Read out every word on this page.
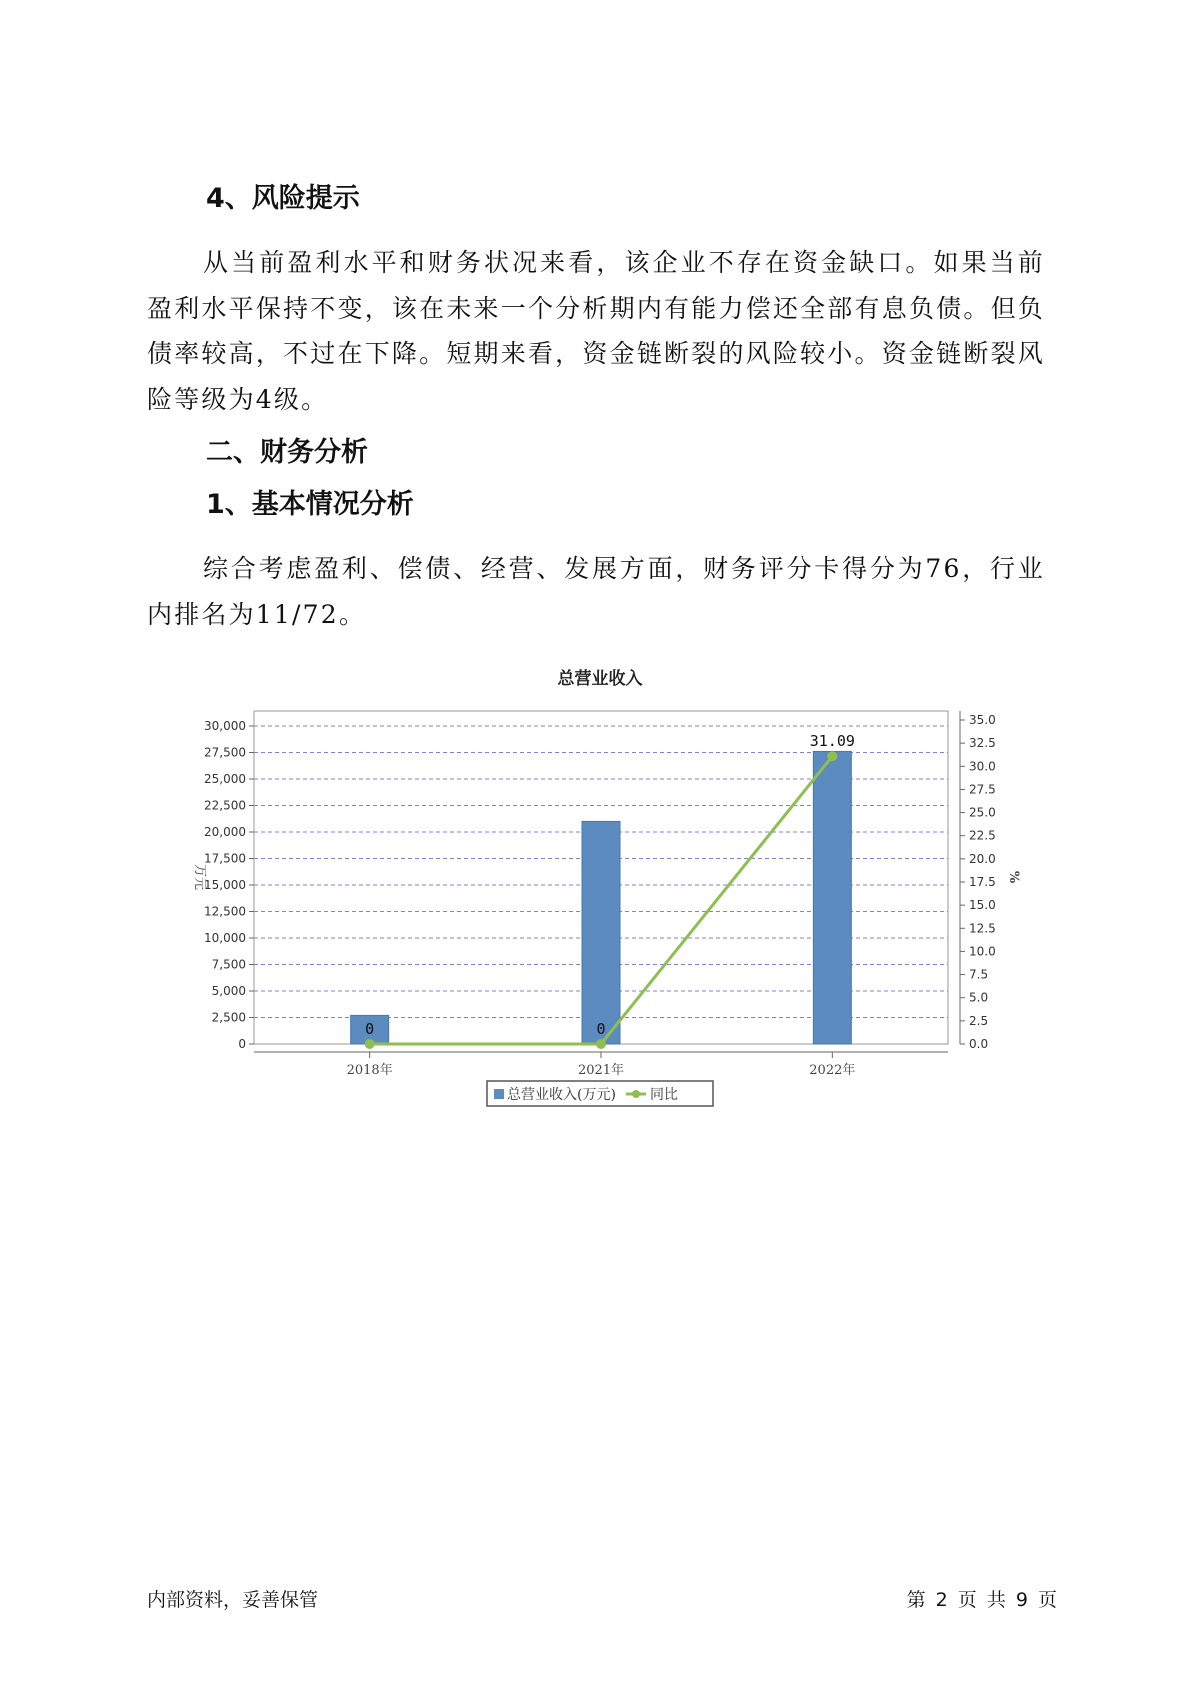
4、风险提示

从当前盈利水平和财务状况来看，该企业不存在资金缺口。如果当前盈利水平保持不变，该在未来一个分析期内有能力偿还全部有息负债。但负债率较高，不过在下降。短期来看，资金链断裂的风险较小。资金链断裂风险等级为4级。

二、财务分析
1、基本情况分析

综合考虑盈利、偿债、经营、发展方面，财务评分卡得分为76，行业内排名为11/72。

总营业收入
0
2,500
5,000
7,500
10,000
12,500
15,000
17,500
20,000
22,500
25,000
27,500
30,000
0.0
2.5
5.0
7.5
10.0
12.5
15.0
17.5
20.0
22.5
25.0
27.5
30.0
32.5
35.0
2018年	2021年	2022年
0	0
31.09
万元	%
总营业收入(万元) 同比
内部资料，妥善保管	第 2 页 共 9 页
